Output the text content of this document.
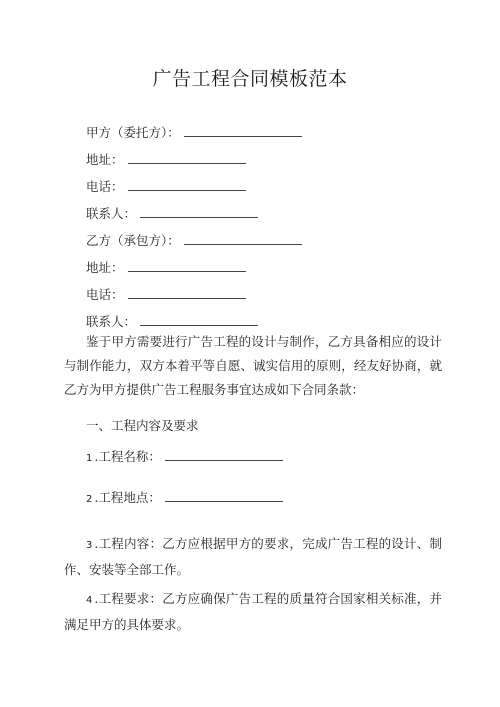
广告工程合同模板范本
甲方（委托方）：
地址：
电话：
联系人：
乙方（承包方）：
地址：
电话：
联系人：
鉴于甲方需要进行广告工程的设计与制作，乙方具备相应的设计与制作能力，双方本着平等自愿、诚实信用的原则，经友好协商，就乙方为甲方提供广告工程服务事宜达成如下合同条款：
一、工程内容及要求
1 .工程名称：
2 .工程地点：
3 .工程内容：乙方应根据甲方的要求，完成广告工程的设计、制作、安装等全部工作。
4 .工程要求：乙方应确保广告工程的质量符合国家相关标准，并满足甲方的具体要求。
